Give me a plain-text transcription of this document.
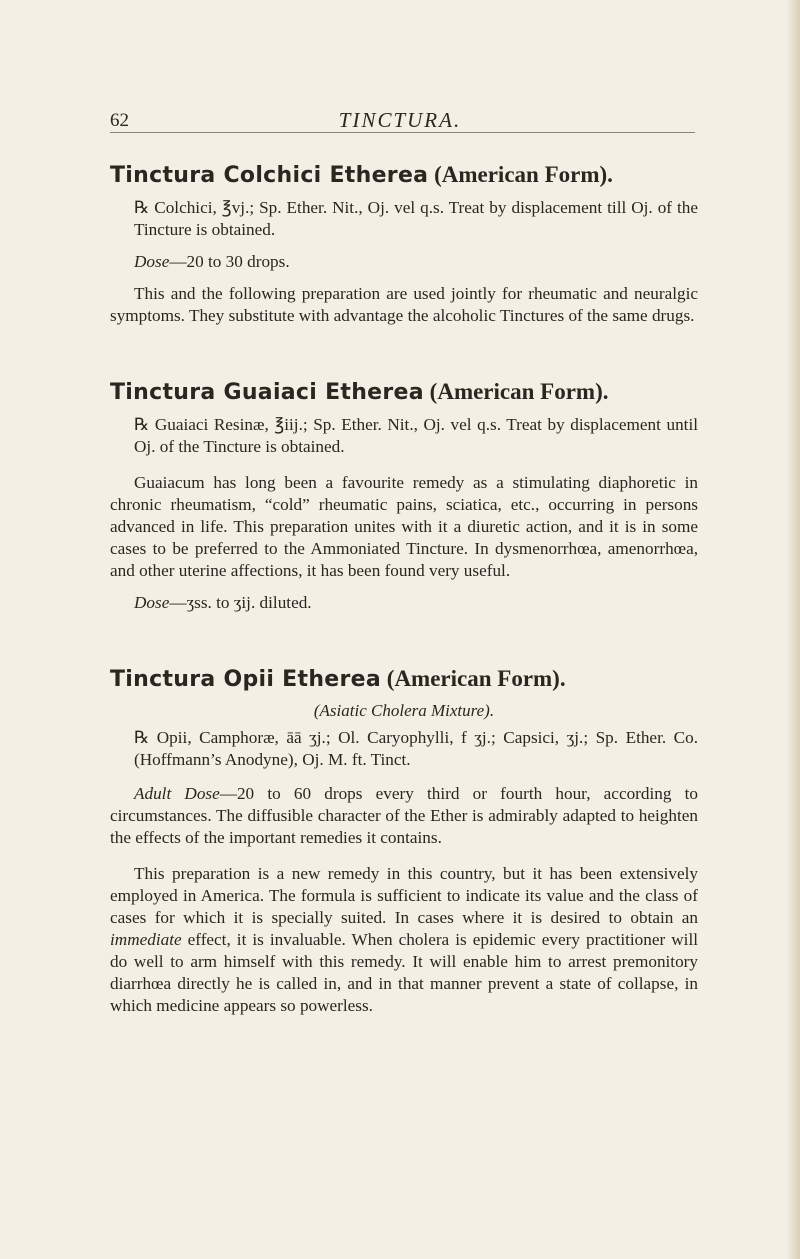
62	TINCTURA.
Tinctura Colchici Etherea (American Form).

℞ Colchici, ℥vj.; Sp. Ether. Nit., Oj. vel q.s. Treat by displacement till Oj. of the Tincture is obtained.

Dose—20 to 30 drops.

This and the following preparation are used jointly for rheumatic and neuralgic symptoms. They substitute with advantage the alcoholic Tinctures of the same drugs.

Tinctura Guaiaci Etherea (American Form).

℞ Guaiaci Resinæ, ℥iij.; Sp. Ether. Nit., Oj. vel q.s. Treat by displacement until Oj. of the Tincture is obtained.

Guaiacum has long been a favourite remedy as a stimulating diaphoretic in chronic rheumatism, “cold” rheumatic pains, sciatica, etc., occurring in persons advanced in life. This preparation unites with it a diuretic action, and it is in some cases to be preferred to the Ammoniated Tincture. In dysmenorrhœa, amenorrhœa, and other uterine affections, it has been found very useful.

Dose—ʒss. to ʒij. diluted.

Tinctura Opii Etherea (American Form).
(Asiatic Cholera Mixture).

℞ Opii, Camphoræ, āā ʒj.; Ol. Caryophylli, f ʒj.; Capsici, ʒj.; Sp. Ether. Co. (Hoffmann’s Anodyne), Oj. M. ft. Tinct.

Adult Dose—20 to 60 drops every third or fourth hour, according to circumstances. The diffusible character of the Ether is admirably adapted to heighten the effects of the important remedies it contains.

This preparation is a new remedy in this country, but it has been extensively employed in America. The formula is sufficient to indicate its value and the class of cases for which it is specially suited. In cases where it is desired to obtain an immediate effect, it is invaluable. When cholera is epidemic every practitioner will do well to arm himself with this remedy. It will enable him to arrest premonitory diarrhœa directly he is called in, and in that manner prevent a state of collapse, in which medicine appears so powerless.
